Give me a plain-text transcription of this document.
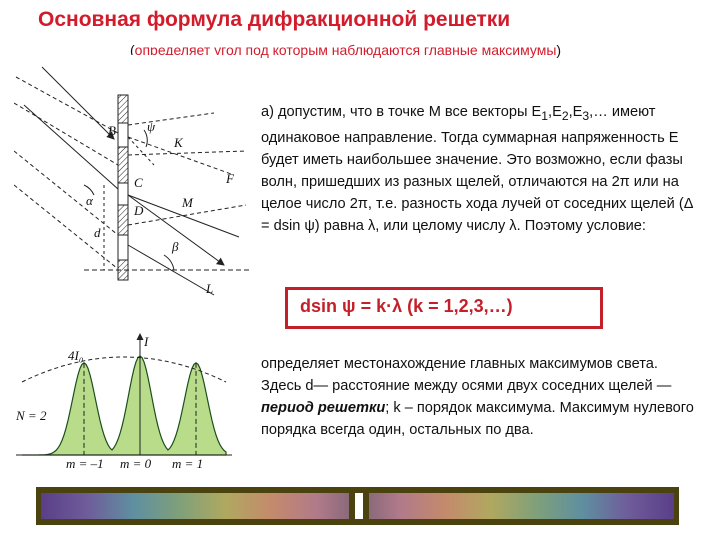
Основная формула дифракционной решетки
(определяет угол под которым наблюдаются главные максимумы)
В
C
D
K
F
M
L
ψ
α
β
d
I
4I₀
N = 2
m = –1 m = 0 m = 1
а) допустим, что в точке М все векторы $Е_1,Е_2,Е_3,\dots$ имеют одинаковое направление. Тогда суммарная напряженность Е будет иметь наибольшее значение. Это возможно, если фазы волн, пришедших из разных щелей, отличаются на 2π или на целое число 2π, т.е. разность хода лучей от соседних щелей (Δ = dsin ψ) равна λ, или целому числу λ. Поэтому условие:
dsin ψ = k·λ (k = 1,2,3,…)
определяет местонахождение главных максимумов света. Здесь d— расстояние между осями двух соседних щелей — период решетки; k – порядок максимума. Максимум нулевого порядка всегда один, остальных по два.
